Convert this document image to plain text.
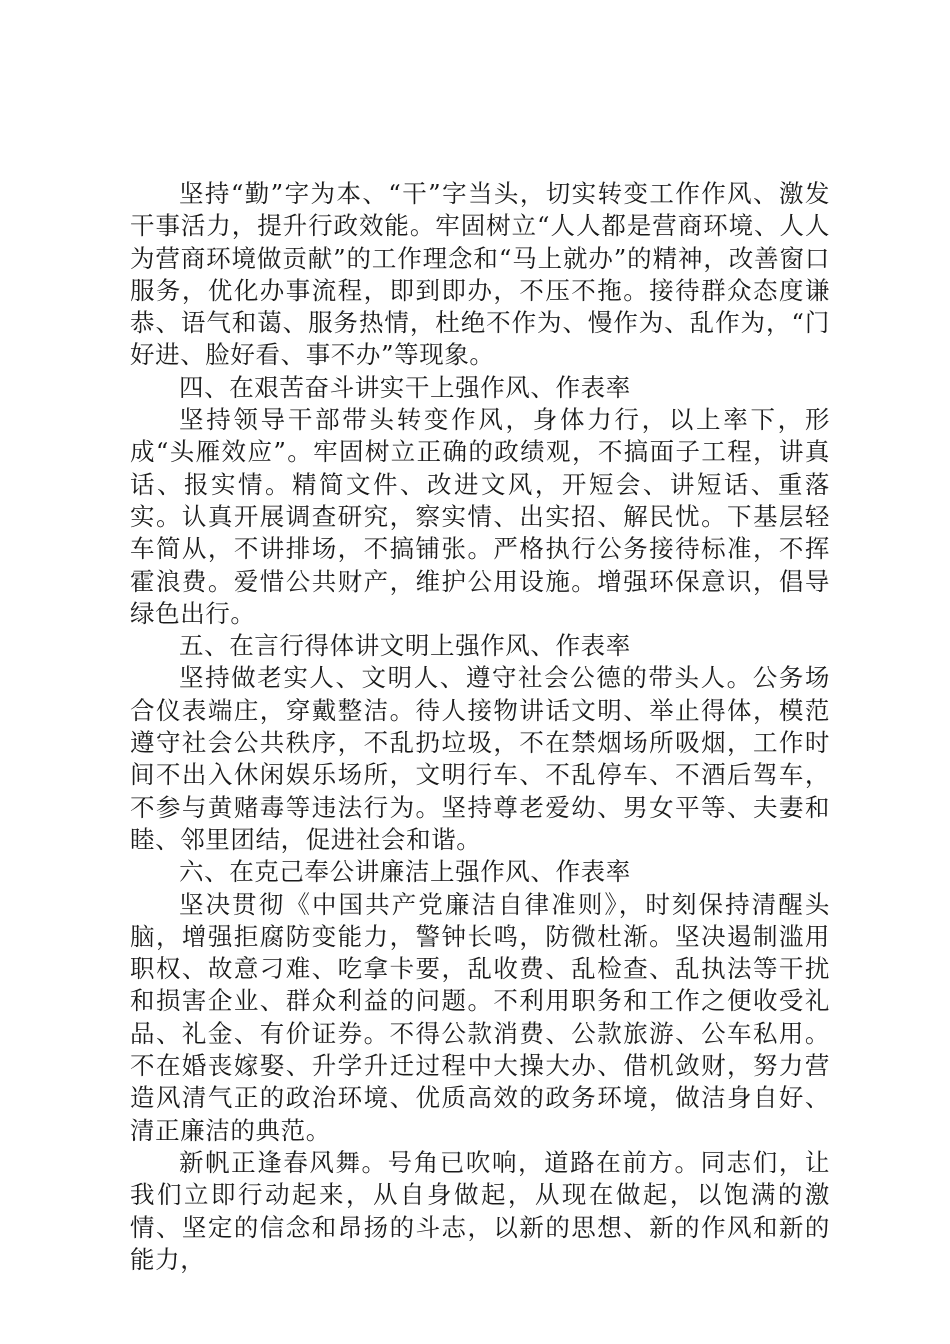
坚持“勤”字为本、“干”字当头，切实转变工作作风、激发干事活力，提升行政效能。牢固树立“人人都是营商环境、人人为营商环境做贡献”的工作理念和“马上就办”的精神，改善窗口服务，优化办事流程，即到即办，不压不拖。接待群众态度谦恭、语气和蔼、服务热情，杜绝不作为、慢作为、乱作为，“门好进、脸好看、事不办”等现象。

四、在艰苦奋斗讲实干上强作风、作表率

坚持领导干部带头转变作风，身体力行，以上率下，形成“头雁效应”。牢固树立正确的政绩观，不搞面子工程，讲真话、报实情。精简文件、改进文风，开短会、讲短话、重落实。认真开展调查研究，察实情、出实招、解民忧。下基层轻车简从，不讲排场，不搞铺张。严格执行公务接待标准，不挥霍浪费。爱惜公共财产，维护公用设施。增强环保意识，倡导绿色出行。

五、在言行得体讲文明上强作风、作表率

坚持做老实人、文明人、遵守社会公德的带头人。公务场合仪表端庄，穿戴整洁。待人接物讲话文明、举止得体，模范遵守社会公共秩序，不乱扔垃圾，不在禁烟场所吸烟，工作时间不出入休闲娱乐场所，文明行车、不乱停车、不酒后驾车，不参与黄赌毒等违法行为。坚持尊老爱幼、男女平等、夫妻和睦、邻里团结，促进社会和谐。

六、在克己奉公讲廉洁上强作风、作表率

坚决贯彻《中国共产党廉洁自律准则》，时刻保持清醒头脑，增强拒腐防变能力，警钟长鸣，防微杜渐。坚决遏制滥用职权、故意刁难、吃拿卡要，乱收费、乱检查、乱执法等干扰和损害企业、群众利益的问题。不利用职务和工作之便收受礼品、礼金、有价证券。不得公款消费、公款旅游、公车私用。不在婚丧嫁娶、升学升迁过程中大操大办、借机敛财，努力营造风清气正的政治环境、优质高效的政务环境，做洁身自好、清正廉洁的典范。

新帆正逢春风舞。号角已吹响，道路在前方。同志们，让我们立即行动起来，从自身做起，从现在做起，以饱满的激情、坚定的信念和昂扬的斗志，以新的思想、新的作风和新的能力，
